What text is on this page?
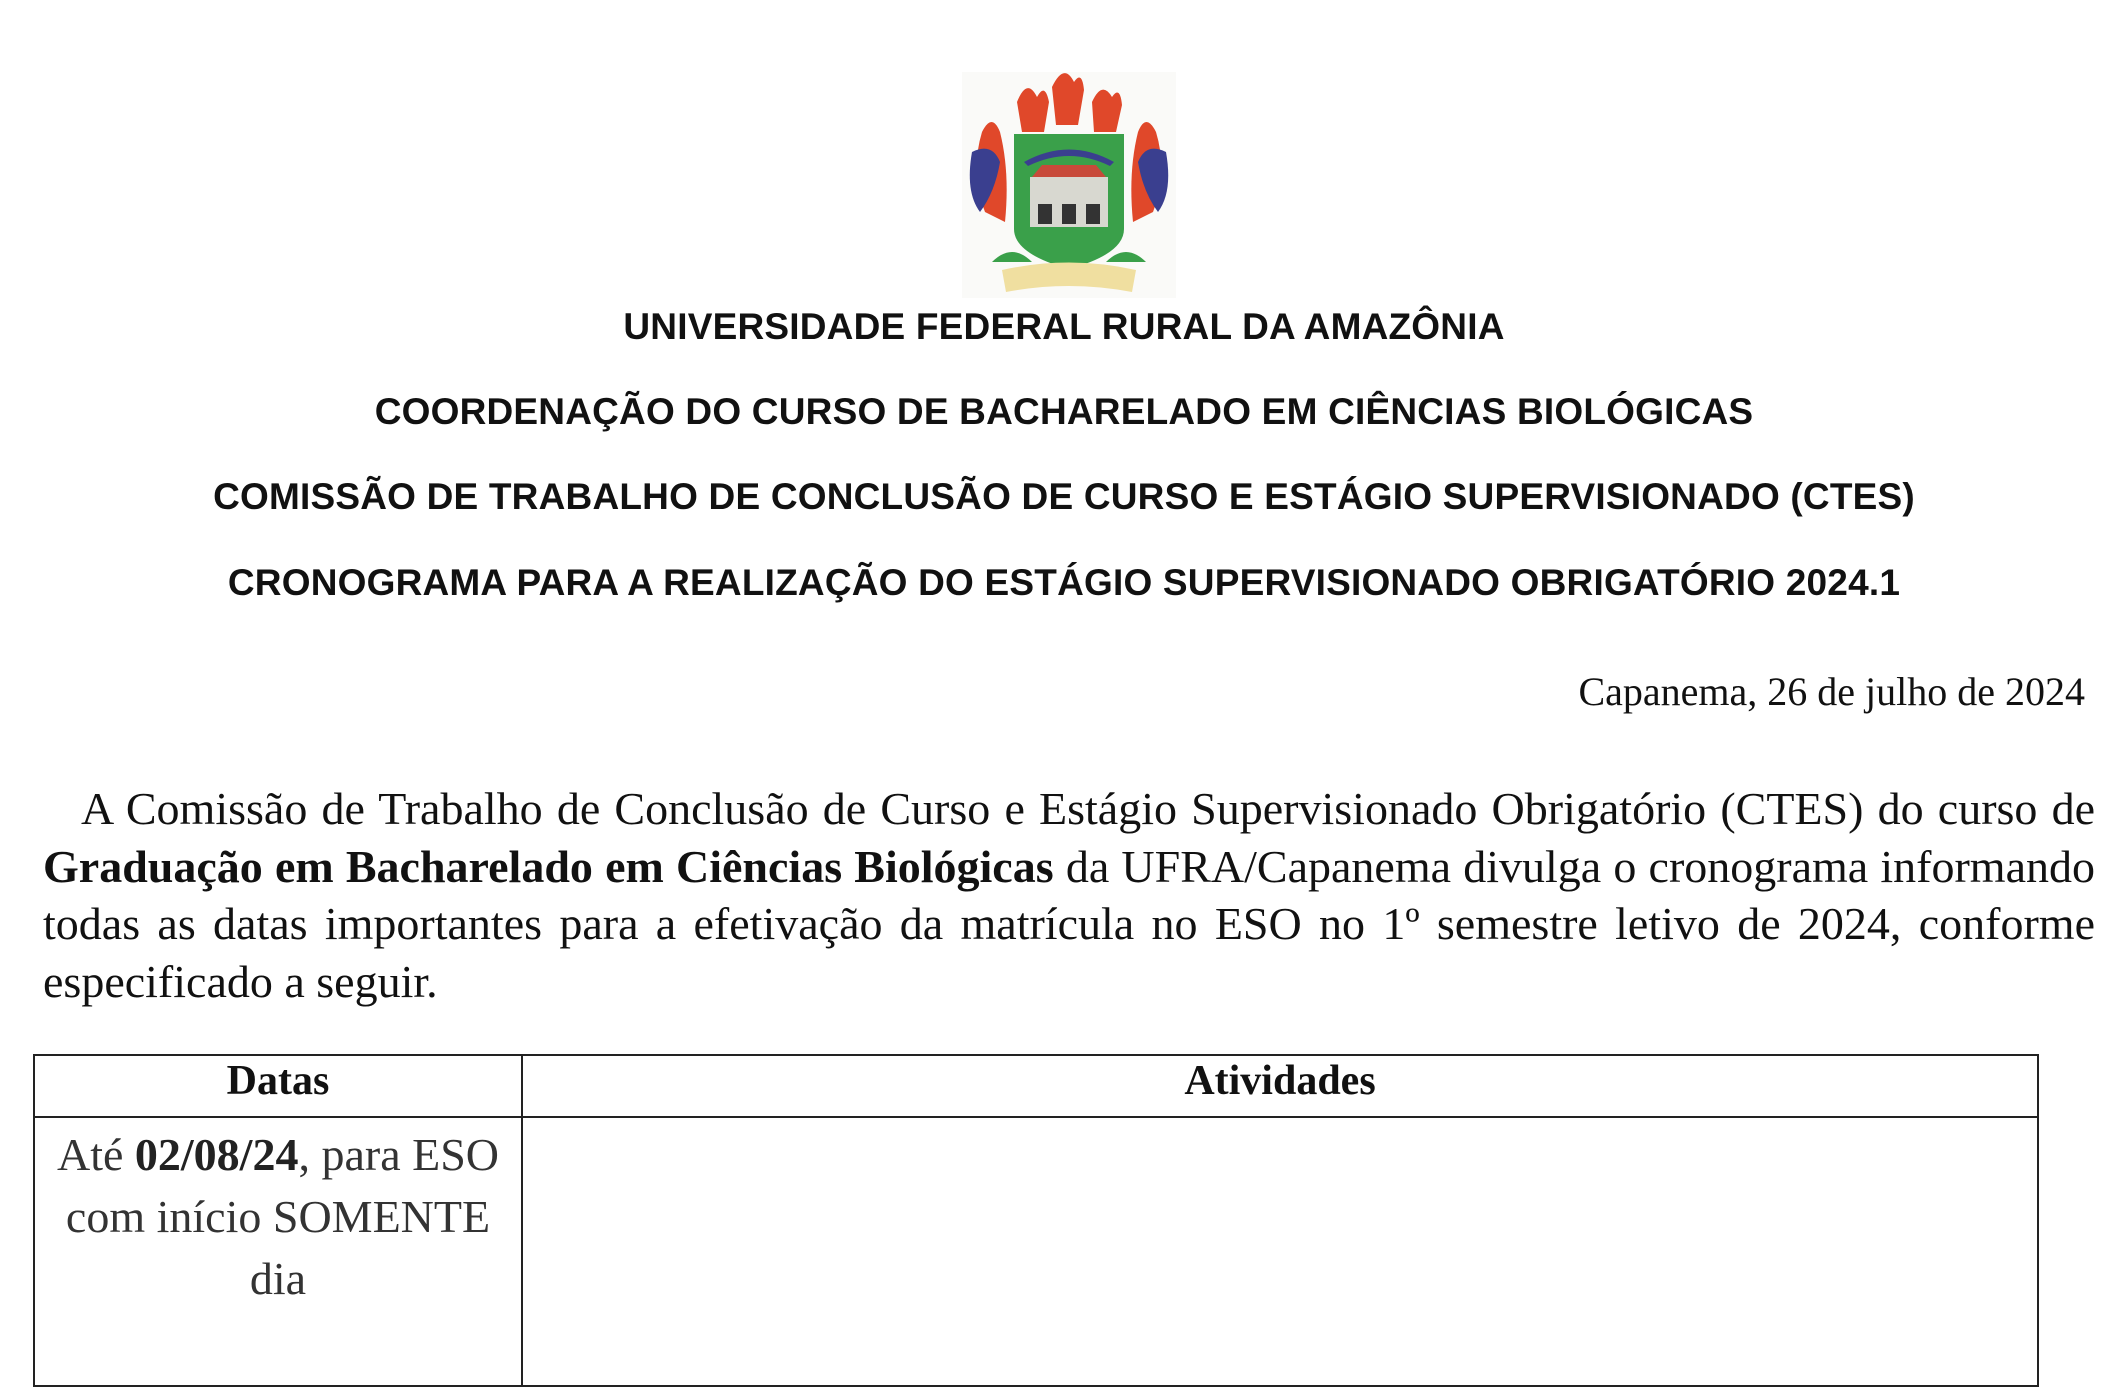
UNIVERSIDADE FEDERAL RURAL DA AMAZÔNIA
COORDENAÇÃO DO CURSO DE BACHARELADO EM CIÊNCIAS BIOLÓGICAS
COMISSÃO DE TRABALHO DE CONCLUSÃO DE CURSO E ESTÁGIO SUPERVISIONADO (CTES)
CRONOGRAMA PARA A REALIZAÇÃO DO ESTÁGIO SUPERVISIONADO OBRIGATÓRIO 2024.1
Capanema, 26 de julho de 2024
A Comissão de Trabalho de Conclusão de Curso e Estágio Supervisionado Obrigatório (CTES) do curso de Graduação em Bacharelado em Ciências Biológicas da UFRA/Capanema divulga o cronograma informando todas as datas importantes para a efetivação da matrícula no ESO no 1º semestre letivo de 2024, conforme especificado a seguir.
Datas	Atividades
Até 02/08/24, para ESO com início SOMENTE dia	
